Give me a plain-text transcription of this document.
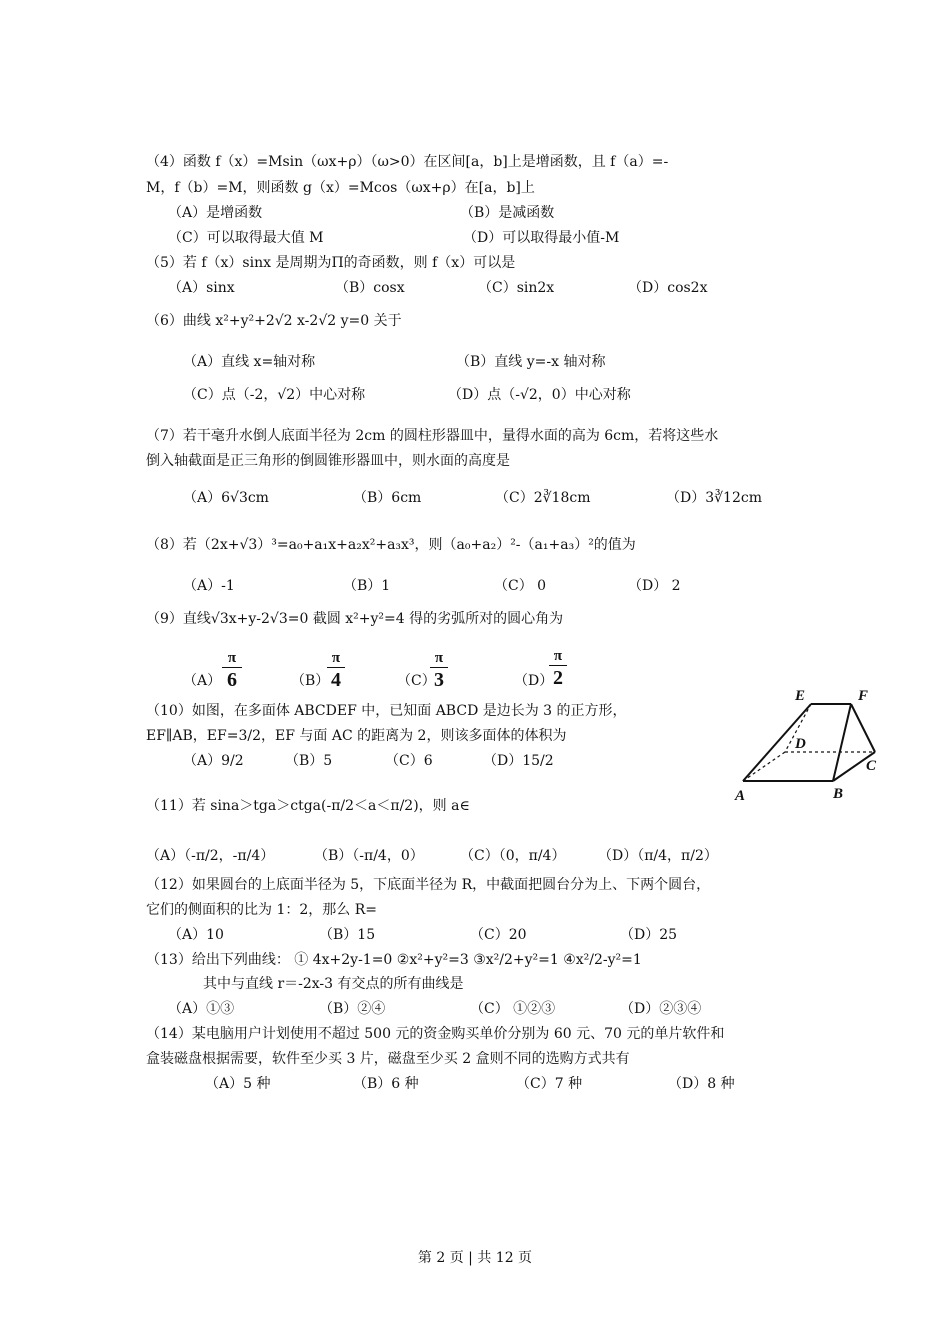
（4）函数 f（x）=Msin（ωx+ρ）（ω>0）在区间[a，b]上是增函数，且 f（a）=-
M，f（b）=M，则函数 g（x）=Mcos（ωx+ρ）在[a，b]上
（A）是增函数	（B）是减函数
（C）可以取得最大值 M	（D）可以取得最小值-M
（5）若 f（x）sinx 是周期为Π的奇函数，则 f（x）可以是
（A）sinx	（B）cosx	（C）sin2x	（D）cos2x
（6）曲线 x²+y²+2√2 x-2√2 y=0 关于
（A）直线 x=轴对称	（B）直线 y=-x 轴对称
（C）点（-2，√2）中心对称	（D）点（-√2，0）中心对称
（7）若干毫升水倒人底面半径为 2cm 的圆柱形器皿中，量得水面的高为 6cm，若将这些水
倒入轴截面是正三角形的倒圆锥形器皿中，则水面的高度是
（A）6√3cm	（B）6cm	（C）2∛18cm	（D）3∛12cm
（8）若（2x+√3）³=a₀+a₁x+a₂x²+a₃x³，则（a₀+a₂）²-（a₁+a₃）²的值为
（A）-1	（B）1	（C） 0	（D） 2
（9）直线√3x+y-2√3=0 截圆 x²+y²=4 得的劣弧所对的圆心角为
（A）
π
6	（B）
π
4	（C）
π
3	（D）
π
2
（10）如图，在多面体 ABCDEF 中，已知面 ABCD 是边长为 3 的正方形，
EF∥AB，EF=3/2，EF 与面 AC 的距离为 2，则该多面体的体积为
（A）9/2	（B）5	（C）6	（D）15/2
E	F
D
C
A	B
（11）若 sina＞tga＞ctga(-π/2＜a＜π/2)，则 a∈
（A）（-π/2，-π/4）	（B）（-π/4，0）	（C）（0，π/4） （D）（π/4，π/2）
（12）如果圆台的上底面半径为 5，下底面半径为 R，中截面把圆台分为上、下两个圆台，
它们的侧面积的比为 1：2，那么 R=
（A）10	（B）15	（C）20	（D）25
（13）给出下列曲线： ① 4x+2y-1=0 ②x²+y²=3 ③x²/2+y²=1 ④x²/2-y²=1
其中与直线 r＝-2x-3 有交点的所有曲线是
（A）①③	（B）②④	（C） ①②③	（D）②③④
（14）某电脑用户计划使用不超过 500 元的资金购买单价分别为 60 元、70 元的单片软件和
盒装磁盘根据需要，软件至少买 3 片，磁盘至少买 2 盒则不同的选购方式共有
（A）5 种	（B）6 种	（C）7 种	（D）8 种
第 2 页 | 共 12 页
